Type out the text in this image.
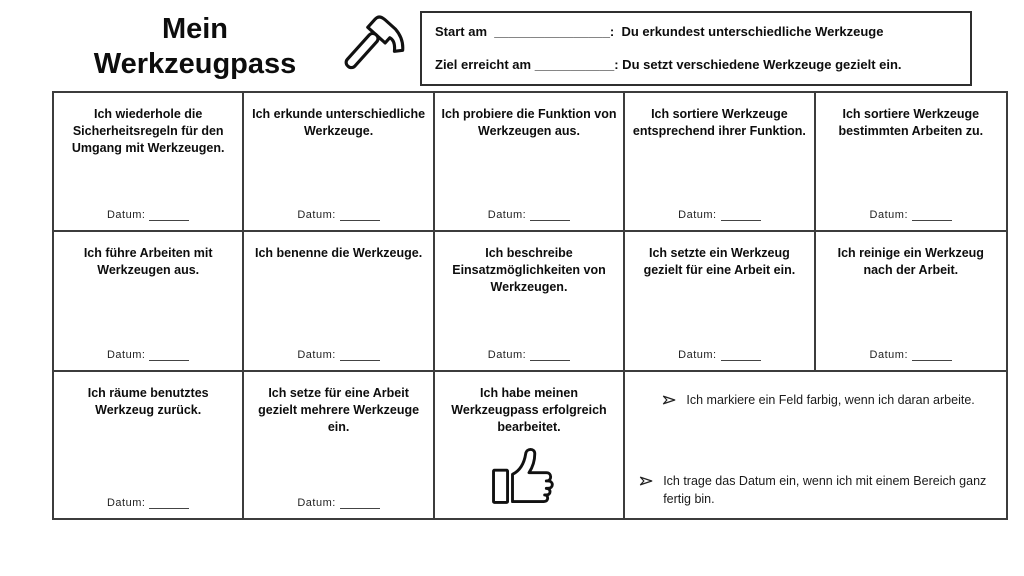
Mein
Werkzeugpass
Start am  ________________:  Du erkundest unterschiedliche Werkzeuge
Ziel erreicht am ___________: Du setzt verschiedene Werkzeuge gezielt ein.
Ich wiederhole die Sicherheitsregeln für den Umgang mit Werkzeugen.
Datum:
Ich erkunde unterschiedliche Werkzeuge.
Datum:
Ich probiere die Funktion von Werkzeugen aus.
Datum:
Ich sortiere Werkzeuge entsprechend ihrer Funktion.
Datum:
Ich sortiere Werkzeuge bestimmten Arbeiten zu.
Datum:
Ich führe Arbeiten mit Werkzeugen aus.
Datum:
Ich benenne die Werkzeuge.
Datum:
Ich beschreibe Einsatzmöglichkeiten von Werkzeugen.
Datum:
Ich setzte ein Werkzeug gezielt für eine Arbeit ein.
Datum:
Ich reinige ein Werkzeug nach der Arbeit.
Datum:
Ich räume benutztes Werkzeug zurück.
Datum:
Ich setze für eine Arbeit gezielt mehrere Werkzeuge ein.
Datum:
Ich habe meinen Werkzeugpass erfolgreich bearbeitet.
Ich markiere ein Feld farbig, wenn ich daran arbeite.
Ich trage das Datum ein, wenn ich mit einem Bereich ganz fertig bin.
